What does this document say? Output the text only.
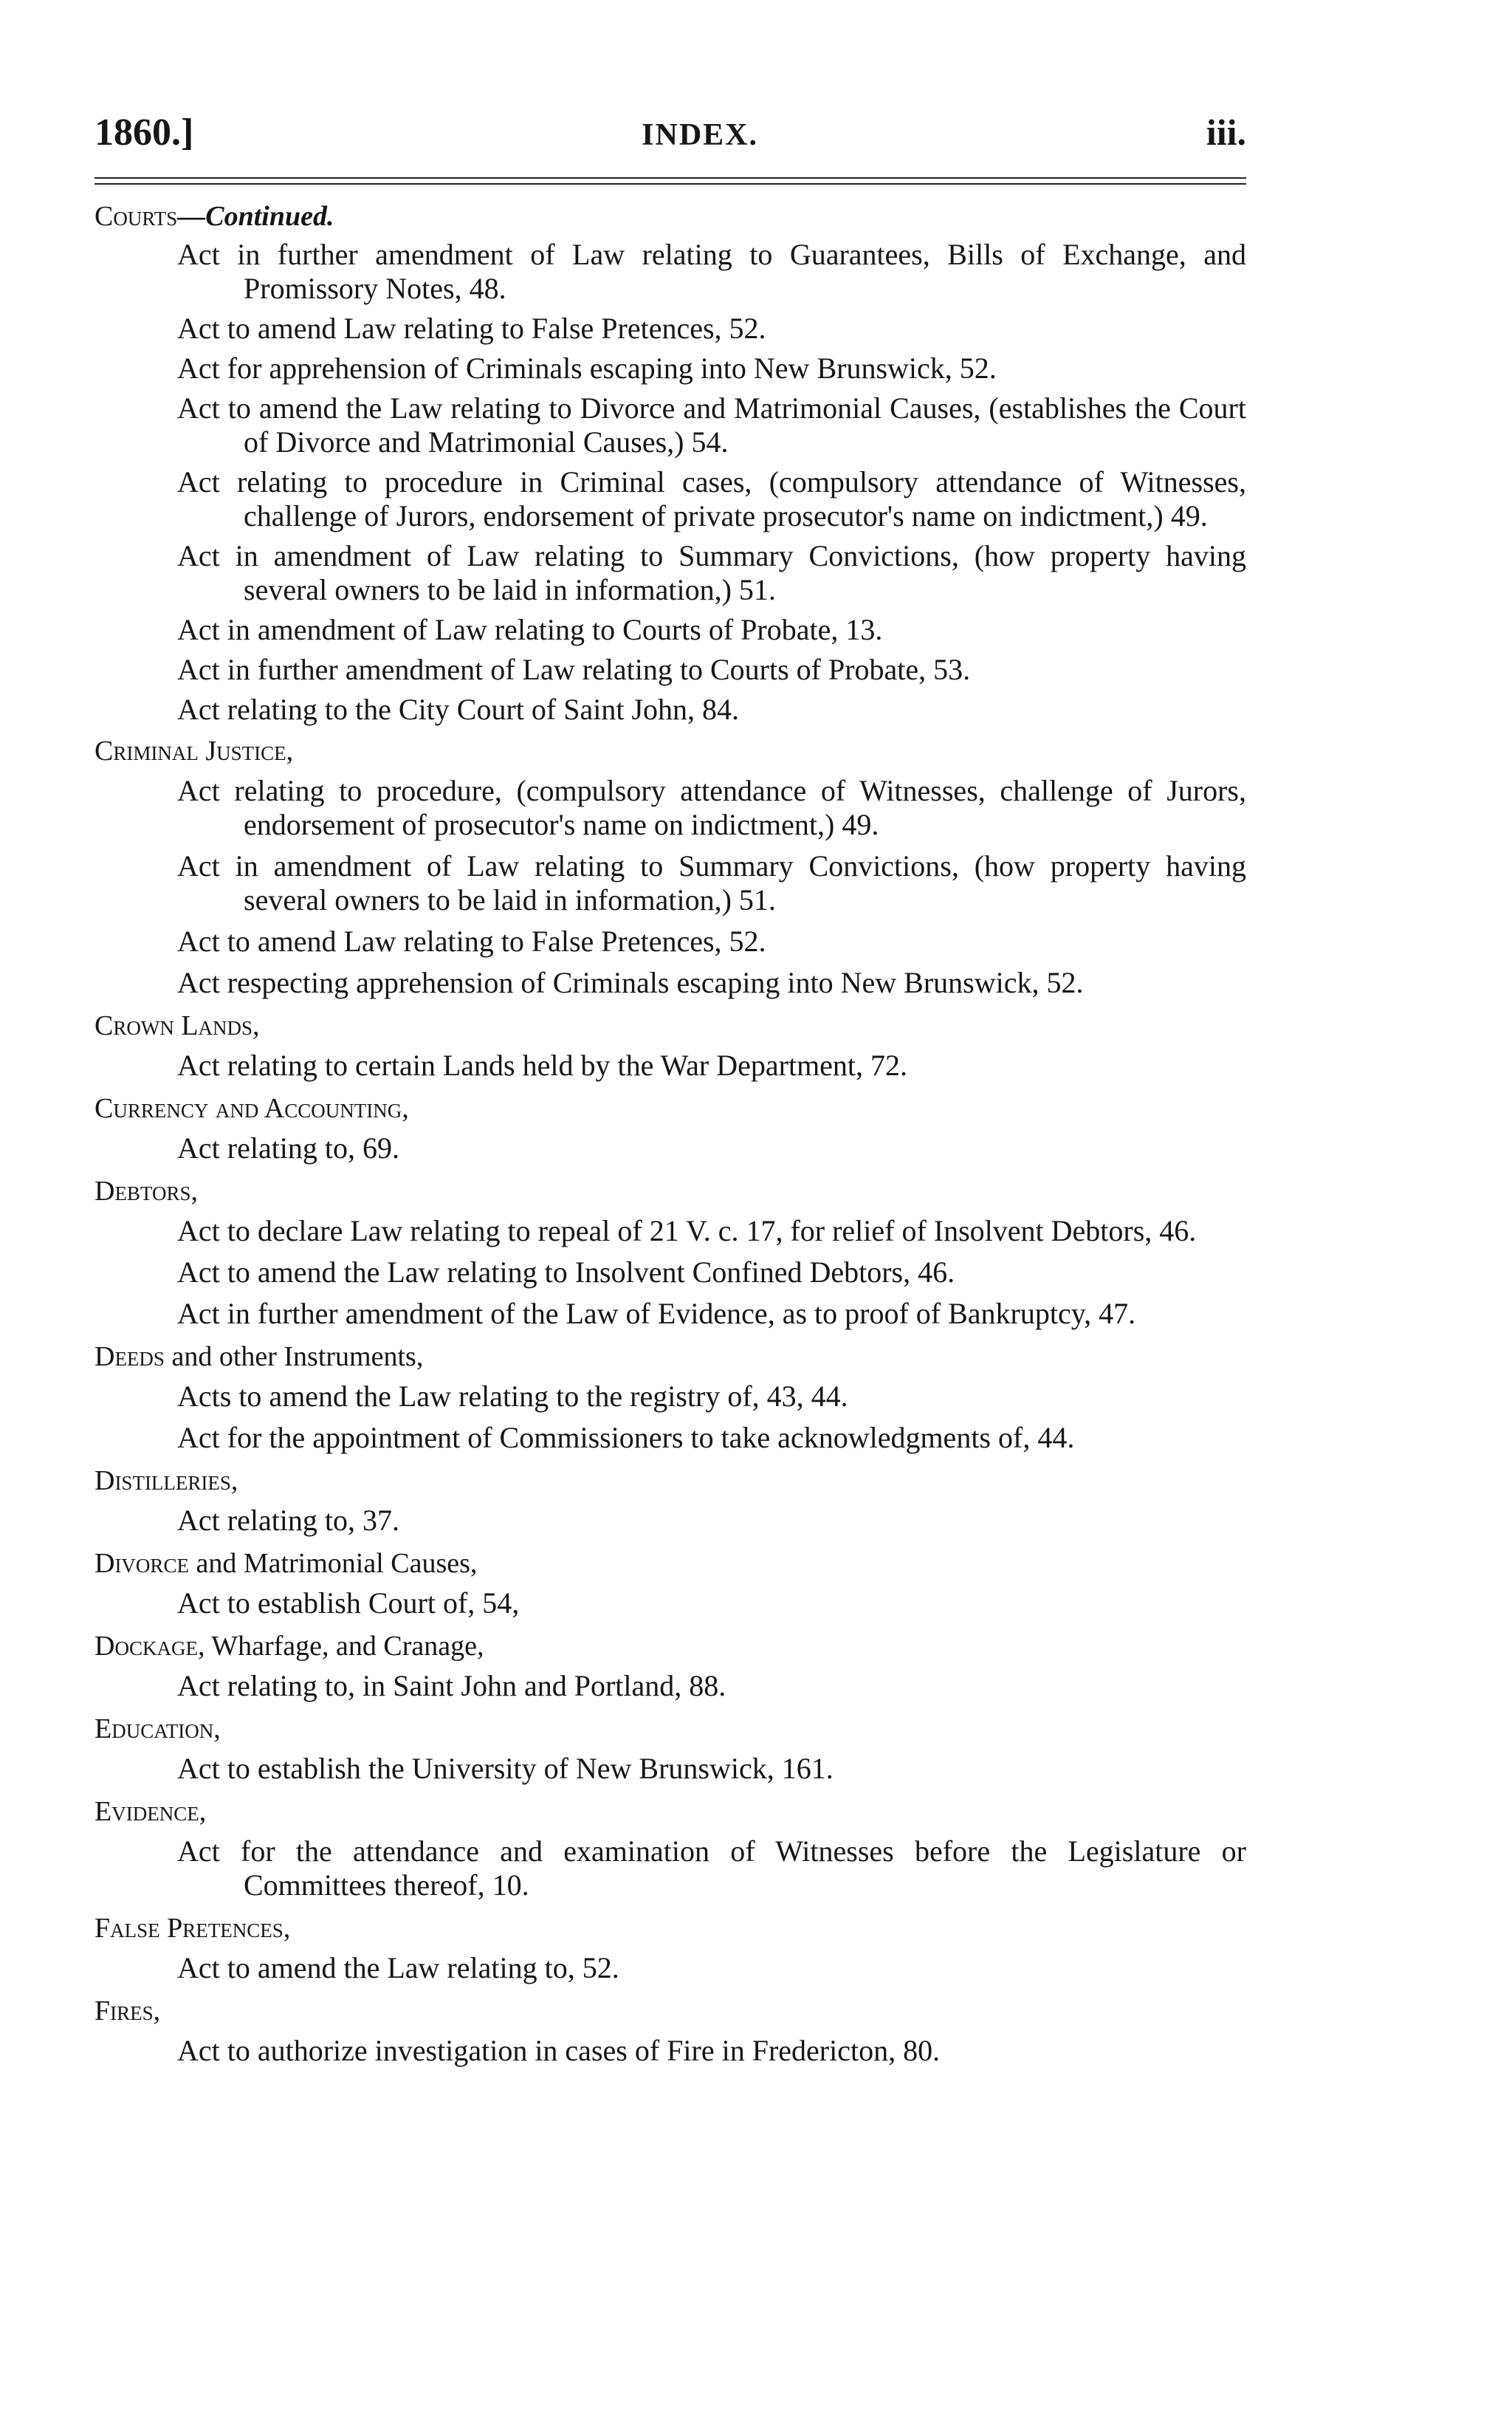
1860.]	INDEX.	iii.
Courts—Continued.

Act in further amendment of Law relating to Guarantees, Bills of Exchange, and Promissory Notes, 48.

Act to amend Law relating to False Pretences, 52.

Act for apprehension of Criminals escaping into New Brunswick, 52.

Act to amend the Law relating to Divorce and Matrimonial Causes, (establishes the Court of Divorce and Matrimonial Causes,) 54.

Act relating to procedure in Criminal cases, (compulsory attendance of Witnesses, challenge of Jurors, endorsement of private prosecutor's name on indictment,) 49.

Act in amendment of Law relating to Summary Convictions, (how property having several owners to be laid in information,) 51.

Act in amendment of Law relating to Courts of Probate, 13.

Act in further amendment of Law relating to Courts of Probate, 53.

Act relating to the City Court of Saint John, 84.

Criminal Justice,

Act relating to procedure, (compulsory attendance of Witnesses, challenge of Jurors, endorsement of prosecutor's name on indictment,) 49.

Act in amendment of Law relating to Summary Convictions, (how property having several owners to be laid in information,) 51.

Act to amend Law relating to False Pretences, 52.

Act respecting apprehension of Criminals escaping into New Brunswick, 52.

Crown Lands,

Act relating to certain Lands held by the War Department, 72.

Currency and Accounting,

Act relating to, 69.

Debtors,

Act to declare Law relating to repeal of 21 V. c. 17, for relief of Insolvent Debtors, 46.

Act to amend the Law relating to Insolvent Confined Debtors, 46.

Act in further amendment of the Law of Evidence, as to proof of Bankruptcy, 47.

Deeds and other Instruments,

Acts to amend the Law relating to the registry of, 43, 44.

Act for the appointment of Commissioners to take acknowledgments of, 44.

Distilleries,

Act relating to, 37.

Divorce and Matrimonial Causes,

Act to establish Court of, 54,

Dockage, Wharfage, and Cranage,

Act relating to, in Saint John and Portland, 88.

Education,

Act to establish the University of New Brunswick, 161.

Evidence,

Act for the attendance and examination of Witnesses before the Legislature or Committees thereof, 10.

False Pretences,

Act to amend the Law relating to, 52.

Fires,

Act to authorize investigation in cases of Fire in Fredericton, 80.
